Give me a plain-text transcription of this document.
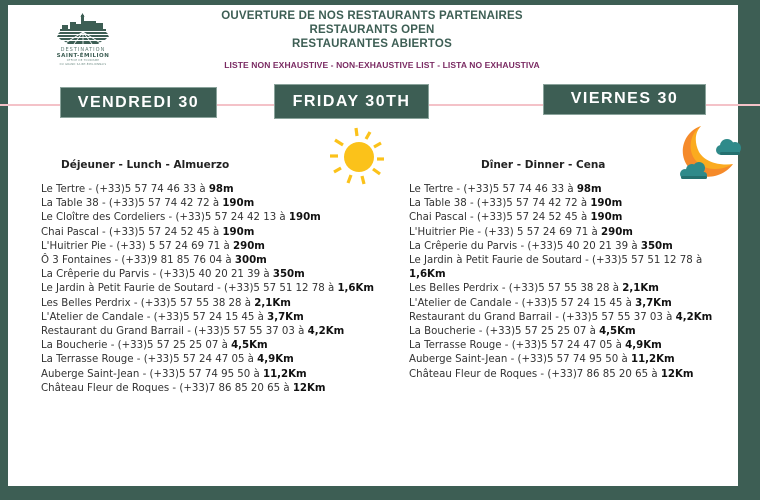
DESTINATION
SAINT-ÉMILION
OFFICE DE TOURISME
DU GRAND SAINT-ÉMILIONNAIS
OUVERTURE DE NOS RESTAURANTS PARTENAIRES
RESTAURANTS OPEN
RESTAURANTES ABIERTOS
LISTE NON EXHAUSTIVE - NON-EXHAUSTIVE LIST - LISTA NO EXHAUSTIVA
VENDREDI 30	FRIDAY 30TH	VIERNES 30
Déjeuner - Lunch - Almuerzo	Dîner - Dinner - Cena
Le Tertre - (+33)5 57 74 46 33 à 98m
La Table 38 - (+33)5 57 74 42 72 à 190m
Le Cloître des Cordeliers - (+33)5 57 24 42 13 à 190m
Chai Pascal - (+33)5 57 24 52 45 à 190m
L'Huitrier Pie - (+33) 5 57 24 69 71 à 290m
Ô 3 Fontaines - (+33)9 81 85 76 04 à 300m
La Crêperie du Parvis - (+33)5 40 20 21 39 à 350m
Le Jardin à Petit Faurie de Soutard - (+33)5 57 51 12 78 à 1,6Km
Les Belles Perdrix - (+33)5 57 55 38 28 à 2,1Km
L'Atelier de Candale - (+33)5 57 24 15 45 à 3,7Km
Restaurant du Grand Barrail - (+33)5 57 55 37 03 à 4,2Km
La Boucherie - (+33)5 57 25 25 07 à 4,5Km
La Terrasse Rouge - (+33)5 57 24 47 05 à 4,9Km
Auberge Saint-Jean - (+33)5 57 74 95 50 à 11,2Km
Château Fleur de Roques - (+33)7 86 85 20 65 à 12Km
Le Tertre - (+33)5 57 74 46 33 à 98m
La Table 38 - (+33)5 57 74 42 72 à 190m
Chai Pascal - (+33)5 57 24 52 45 à 190m
L'Huitrier Pie - (+33) 5 57 24 69 71 à 290m
La Crêperie du Parvis - (+33)5 40 20 21 39 à 350m
Le Jardin à Petit Faurie de Soutard - (+33)5 57 51 12 78 à
1,6Km
Les Belles Perdrix - (+33)5 57 55 38 28 à 2,1Km
L'Atelier de Candale - (+33)5 57 24 15 45 à 3,7Km
Restaurant du Grand Barrail - (+33)5 57 55 37 03 à 4,2Km
La Boucherie - (+33)5 57 25 25 07 à 4,5Km
La Terrasse Rouge - (+33)5 57 24 47 05 à 4,9Km
Auberge Saint-Jean - (+33)5 57 74 95 50 à 11,2Km
Château Fleur de Roques - (+33)7 86 85 20 65 à 12Km
